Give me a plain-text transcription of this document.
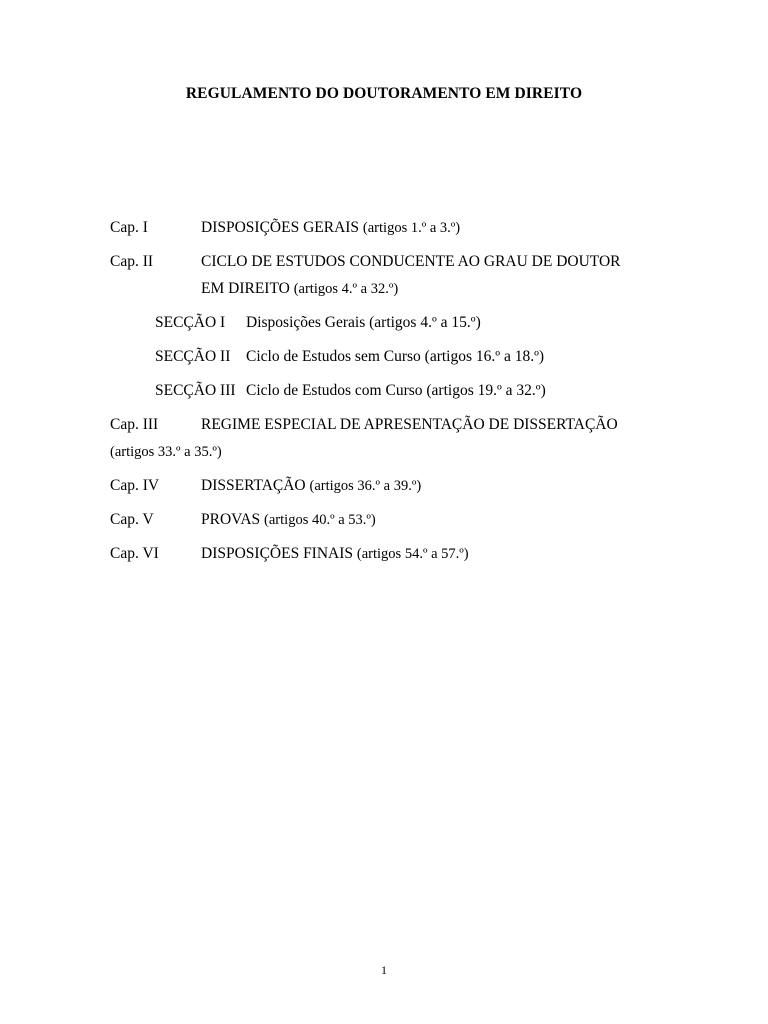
REGULAMENTO DO DOUTORAMENTO EM DIREITO
Cap. I	DISPOSIÇÕES GERAIS (artigos 1.º a 3.º)
Cap. II	CICLO DE ESTUDOS CONDUCENTE AO GRAU DE DOUTOR
EM DIREITO (artigos 4.º a 32.º)
SECÇÃO I Disposições Gerais (artigos 4.º a 15.º)
SECÇÃO II Ciclo de Estudos sem Curso (artigos 16.º a 18.º)
SECÇÃO III Ciclo de Estudos com Curso (artigos 19.º a 32.º)
Cap. III	REGIME ESPECIAL DE APRESENTAÇÃO DE DISSERTAÇÃO
(artigos 33.º a 35.º)
Cap. IV	DISSERTAÇÃO (artigos 36.º a 39.º)
Cap. V	PROVAS (artigos 40.º a 53.º)
Cap. VI	DISPOSIÇÕES FINAIS (artigos 54.º a 57.º)
1
